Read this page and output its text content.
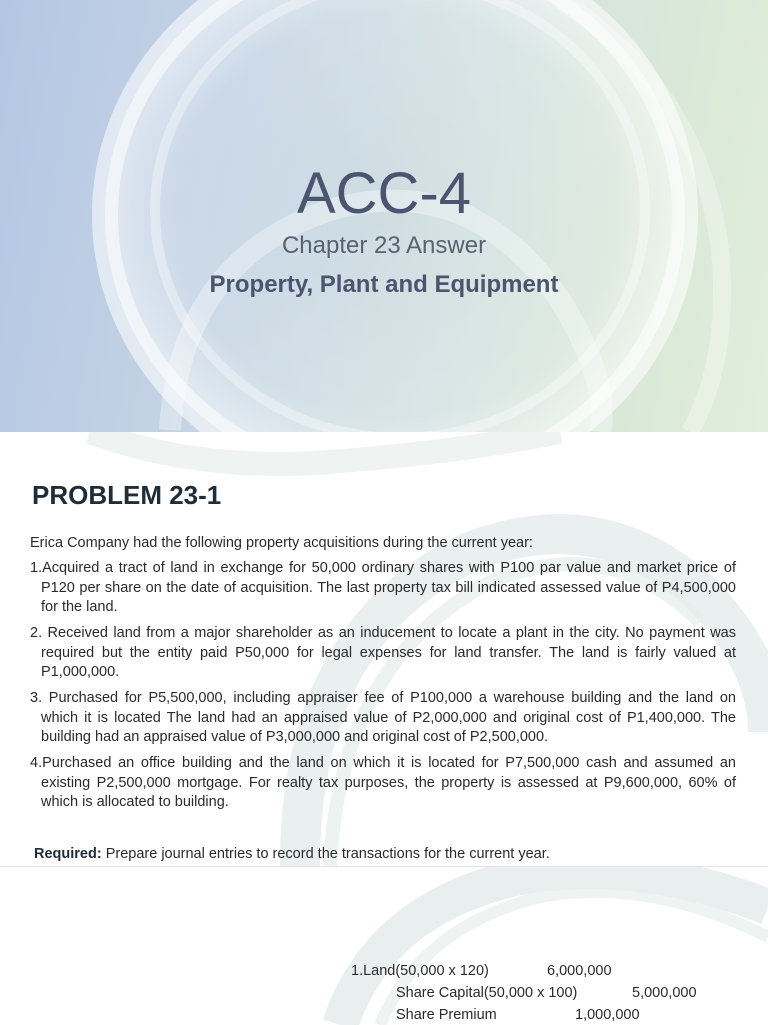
ACC-4
Chapter 23 Answer
Property, Plant and Equipment
PROBLEM 23-1
Erica Company had the following property acquisitions during the current year:
1.Acquired a tract of land in exchange for 50,000 ordinary shares with P100 par value and market price of P120 per share on the date of acquisition. The last property tax bill indicated assessed value of P4,500,000 for the land.
2. Received land from a major shareholder as an inducement to locate a plant in the city. No payment was required but the entity paid P50,000 for legal expenses for land transfer. The land is fairly valued at P1,000,000.
3. Purchased for P5,500,000, including appraiser fee of P100,000 a warehouse building and the land on which it is located The land had an appraised value of P2,000,000 and original cost of P1,400,000. The building had an appraised value of P3,000,000 and original cost of P2,500,000.
4.Purchased an office building and the land on which it is located for P7,500,000 cash and assumed an existing P2,500,000 mortgage. For realty tax purposes, the property is assessed at P9,600,000, 60% of which is allocated to building.
Required: Prepare journal entries to record the transactions for the current year.
1.Land(50,000 x 120)	6,000,000
Share Capital(50,000 x 100)	5,000,000
Share Premium	1,000,000
